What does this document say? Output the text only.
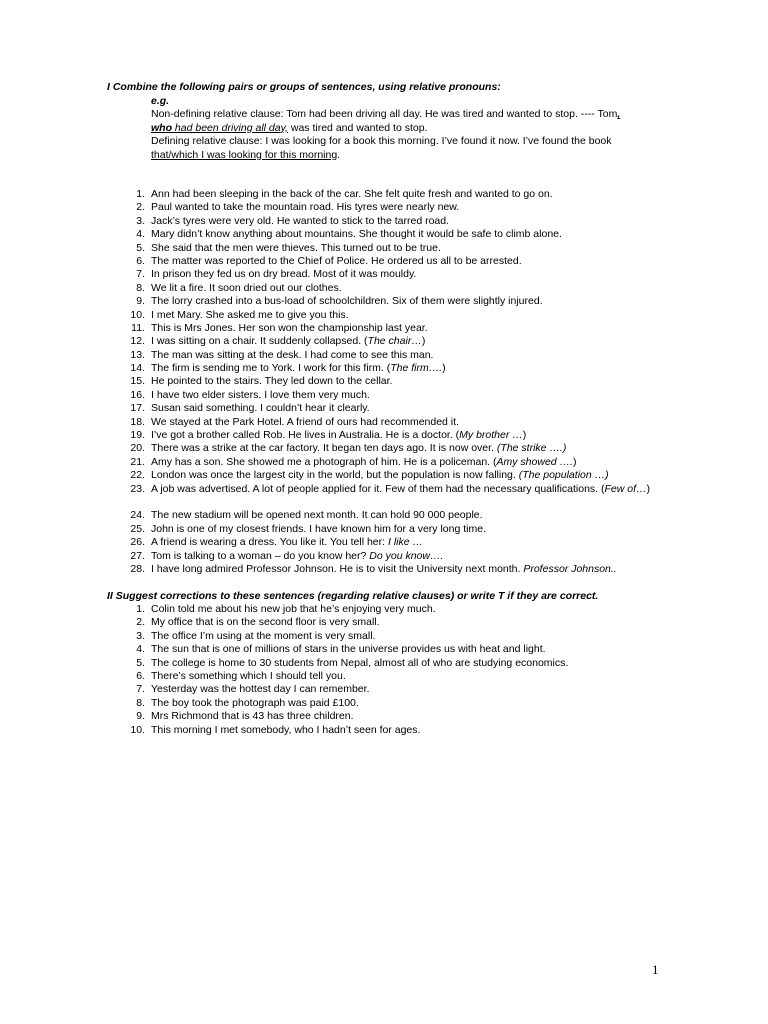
I Combine the following pairs or groups of sentences, using relative pronouns:
e.g.
Non-defining relative clause: Tom had been driving all day. He was tired and wanted to stop. ---- Tom,
who had been driving all day, was tired and wanted to stop.
Defining relative clause: I was looking for a book this morning. I’ve found it now. I’ve found the book
that/which I was looking for this morning.
1. Ann had been sleeping in the back of the car. She felt quite fresh and wanted to go on.
2. Paul wanted to take the mountain road. His tyres were nearly new.
3. Jack’s tyres were very old. He wanted to stick to the tarred road.
4. Mary didn’t know anything about mountains. She thought it would be safe to climb alone.
5. She said that the men were thieves. This turned out to be true.
6. The matter was reported to the Chief of Police. He ordered us all to be arrested.
7. In prison they fed us on dry bread. Most of it was mouldy.
8. We lit a fire. It soon dried out our clothes.
9. The lorry crashed into a bus-load of schoolchildren. Six of them were slightly injured.
10. I met Mary. She asked me to give you this.
11. This is Mrs Jones. Her son won the championship last year.
12. I was sitting on a chair. It suddenly collapsed. (The chair…)
13. The man was sitting at the desk. I had come to see this man.
14. The firm is sending me to York. I work for this firm. (The firm….)
15. He pointed to the stairs. They led down to the cellar.
16. I have two elder sisters. I love them very much.
17. Susan said something. I couldn’t hear it clearly.
18. We stayed at the Park Hotel. A friend of ours had recommended it.
19. I’ve got a brother called Rob. He lives in Australia. He is a doctor. (My brother …)
20. There was a strike at the car factory. It began ten days ago. It is now over. (The strike ….)
21. Amy has a son. She showed me a photograph of him. He is a policeman. (Amy showed ….)
22. London was once the largest city in the world, but the population is now falling. (The population …)
23. A job was advertised. A lot of people applied for it. Few of them had the necessary qualifications. (Few of…)
24. The new stadium will be opened next month. It can hold 90 000 people.
25. John is one of my closest friends. I have known him for a very long time.
26. A friend is wearing a dress. You like it. You tell her: I like …
27. Tom is talking to a woman – do you know her? Do you know….
28. I have long admired Professor Johnson. He is to visit the University next month. Professor Johnson..
II Suggest corrections to these sentences (regarding relative clauses) or write T if they are correct.
1. Colin told me about his new job that he’s enjoying very much.
2. My office that is on the second floor is very small.
3. The office I’m using at the moment is very small.
4. The sun that is one of millions of stars in the universe provides us with heat and light.
5. The college is home to 30 students from Nepal, almost all of who are studying economics.
6. There’s something which I should tell you.
7. Yesterday was the hottest day I can remember.
8. The boy took the photograph was paid £100.
9. Mrs Richmond that is 43 has three children.
10. This morning I met somebody, who I hadn’t seen for ages.
1
